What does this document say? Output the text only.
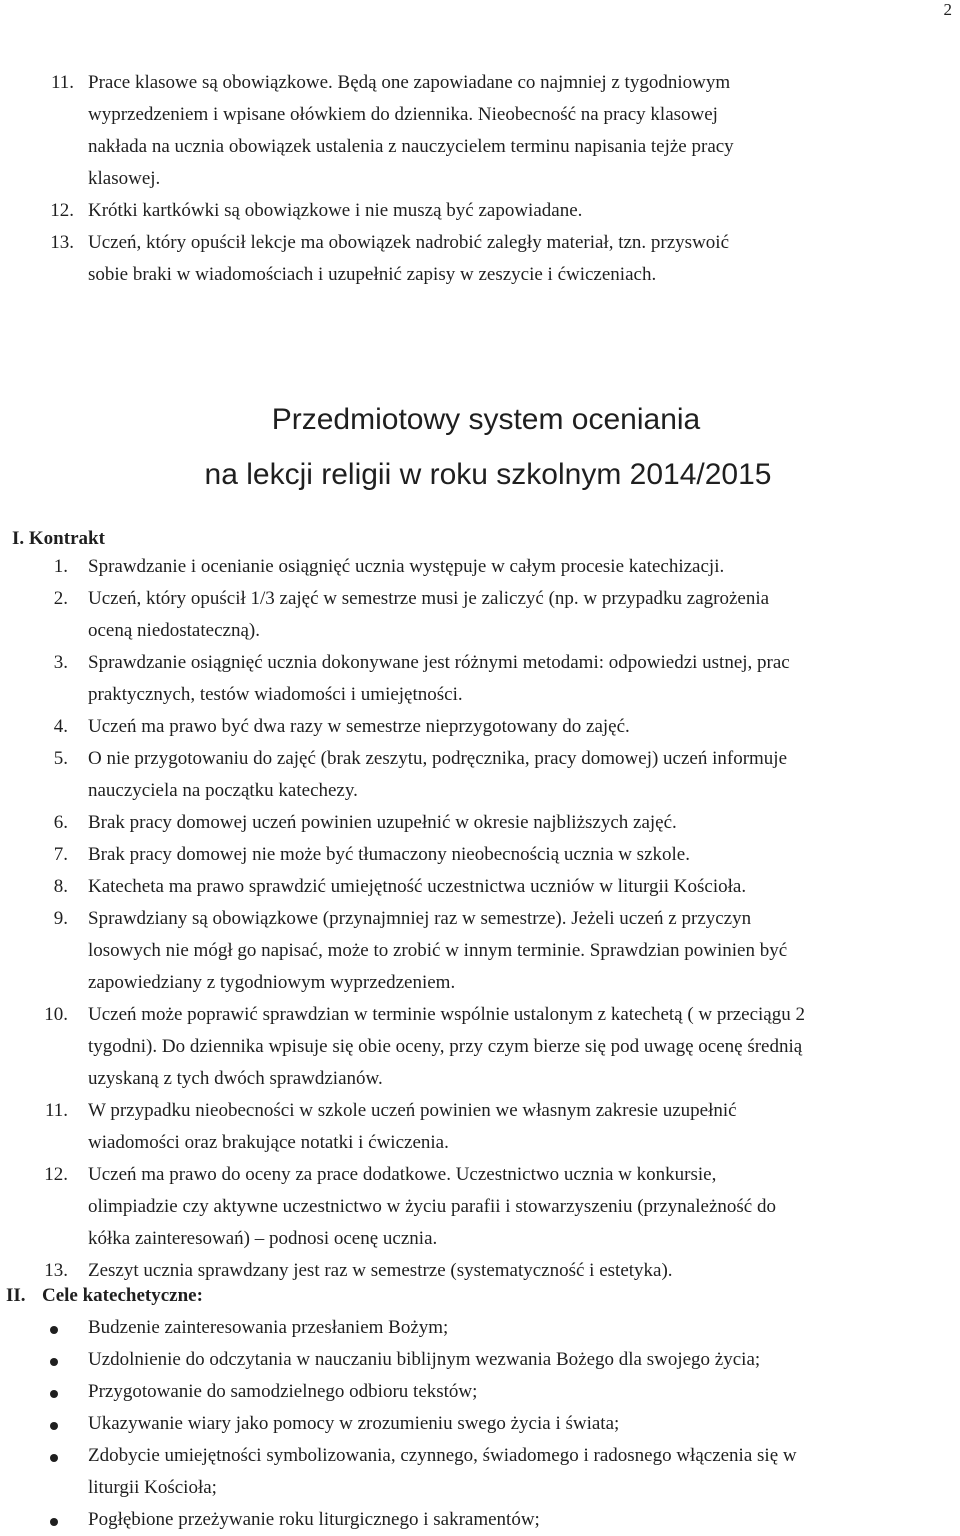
2
11. Prace klasowe są obowiązkowe. Będą one zapowiadane co najmniej z tygodniowym
wyprzedzeniem i wpisane ołówkiem do dziennika. Nieobecność na pracy klasowej
nakłada na ucznia obowiązek ustalenia z nauczycielem terminu napisania tejże pracy
klasowej.
12. Krótki kartkówki są obowiązkowe i nie muszą być zapowiadane.
13. Uczeń, który opuścił lekcje ma obowiązek nadrobić zaległy materiał, tzn. przyswoić
sobie braki w wiadomościach i uzupełnić zapisy w zeszycie i ćwiczeniach.
Przedmiotowy system oceniania
na lekcji religii w roku szkolnym 2014/2015
I. Kontrakt
1. Sprawdzanie i ocenianie osiągnięć ucznia występuje w całym procesie katechizacji.
2. Uczeń, który opuścił 1/3 zajęć w semestrze musi je zaliczyć (np. w przypadku zagrożenia
oceną niedostateczną).
3. Sprawdzanie osiągnięć ucznia dokonywane jest różnymi metodami: odpowiedzi ustnej, prac
praktycznych, testów wiadomości i umiejętności.
4. Uczeń ma prawo być dwa razy w semestrze nieprzygotowany do zajęć.
5. O nie przygotowaniu do zajęć (brak zeszytu, podręcznika, pracy domowej) uczeń informuje
nauczyciela na początku katechezy.
6. Brak pracy domowej uczeń powinien uzupełnić w okresie najbliższych zajęć.
7. Brak pracy domowej nie może być tłumaczony nieobecnością ucznia w szkole.
8. Katecheta ma prawo sprawdzić umiejętność uczestnictwa uczniów w liturgii Kościoła.
9. Sprawdziany są obowiązkowe (przynajmniej raz w semestrze). Jeżeli uczeń z przyczyn
losowych nie mógł go napisać, może to zrobić w innym terminie. Sprawdzian powinien być
zapowiedziany z tygodniowym wyprzedzeniem.
10. Uczeń może poprawić sprawdzian w terminie wspólnie ustalonym z katechetą ( w przeciągu 2
tygodni). Do dziennika wpisuje się obie oceny, przy czym bierze się pod uwagę ocenę średnią
uzyskaną z tych dwóch sprawdzianów.
11. W przypadku nieobecności w szkole uczeń powinien we własnym zakresie uzupełnić
wiadomości oraz brakujące notatki i ćwiczenia.
12. Uczeń ma prawo do oceny za prace dodatkowe. Uczestnictwo ucznia w konkursie,
olimpiadzie czy aktywne uczestnictwo w życiu parafii i stowarzyszeniu (przynależność do
kółka zainteresowań) – podnosi ocenę ucznia.
13. Zeszyt ucznia sprawdzany jest raz w semestrze (systematyczność i estetyka).
II. Cele katechetyczne:
Budzenie zainteresowania przesłaniem Bożym;
Uzdolnienie do odczytania w nauczaniu biblijnym wezwania Bożego dla swojego życia;
Przygotowanie do samodzielnego odbioru tekstów;
Ukazywanie wiary jako pomocy w zrozumieniu swego życia i świata;
Zdobycie umiejętności symbolizowania, czynnego, świadomego i radosnego włączenia się w
liturgii Kościoła;
Pogłębione przeżywanie roku liturgicznego i sakramentów;
